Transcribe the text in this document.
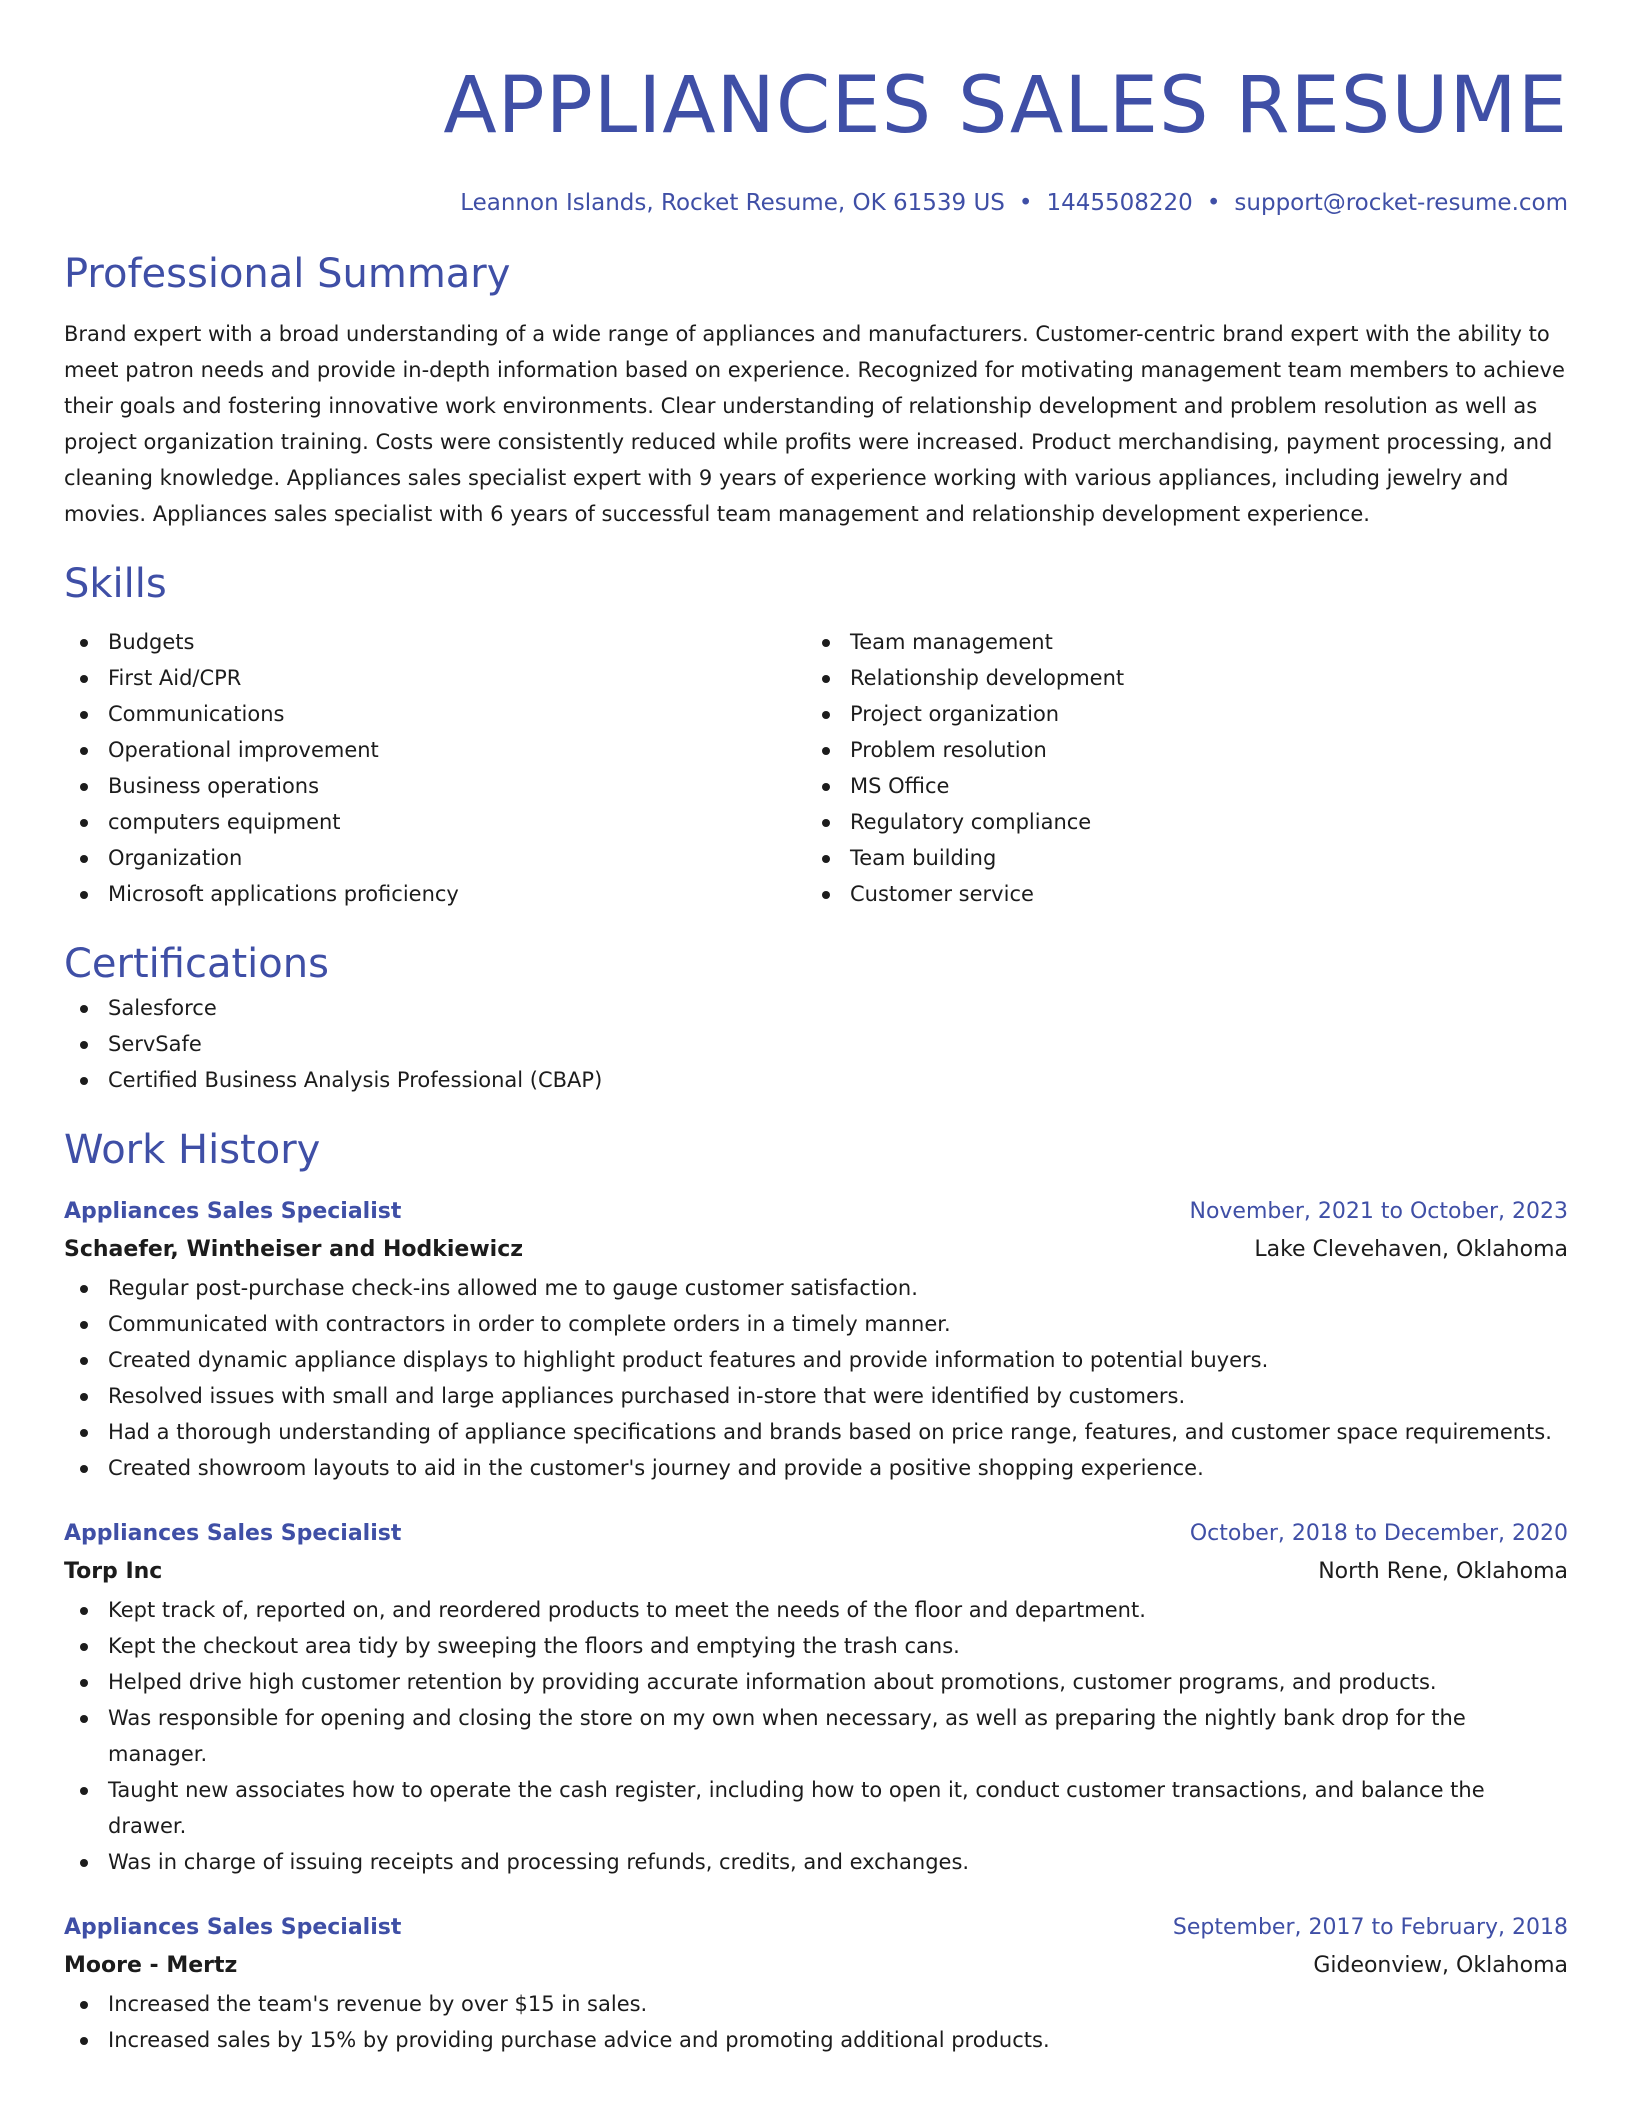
APPLIANCES SALES RESUME
Leannon Islands, Rocket Resume, OK 61539 US • 1445508220 • support@rocket-resume.com
Professional Summary

Brand expert with a broad understanding of a wide range of appliances and manufacturers. Customer-centric brand expert with the ability to meet patron needs and provide in-depth information based on experience. Recognized for motivating management team members to achieve their goals and fostering innovative work environments. Clear understanding of relationship development and problem resolution as well as project organization training. Costs were consistently reduced while profits were increased. Product merchandising, payment processing, and cleaning knowledge. Appliances sales specialist expert with 9 years of experience working with various appliances, including jewelry and movies. Appliances sales specialist with 6 years of successful team management and relationship development experience.

Skills
Budgets
First Aid/CPR
Communications
Operational improvement
Business operations
computers equipment
Organization
Microsoft applications proficiency
Team management
Relationship development
Project organization
Problem resolution
MS Office
Regulatory compliance
Team building
Customer service
Certifications
Salesforce
ServSafe
Certified Business Analysis Professional (CBAP)
Work History
Appliances Sales Specialist	November, 2021 to October, 2023
Schaefer, Wintheiser and Hodkiewicz	Lake Clevehaven, Oklahoma
Regular post-purchase check-ins allowed me to gauge customer satisfaction.
Communicated with contractors in order to complete orders in a timely manner.
Created dynamic appliance displays to highlight product features and provide information to potential buyers.
Resolved issues with small and large appliances purchased in-store that were identified by customers.
Had a thorough understanding of appliance specifications and brands based on price range, features, and customer space requirements.
Created showroom layouts to aid in the customer's journey and provide a positive shopping experience.
Appliances Sales Specialist	October, 2018 to December, 2020
Torp Inc	North Rene, Oklahoma
Kept track of, reported on, and reordered products to meet the needs of the floor and department.
Kept the checkout area tidy by sweeping the floors and emptying the trash cans.
Helped drive high customer retention by providing accurate information about promotions, customer programs, and products.
Was responsible for opening and closing the store on my own when necessary, as well as preparing the nightly bank drop for the manager.
Taught new associates how to operate the cash register, including how to open it, conduct customer transactions, and balance the drawer.
Was in charge of issuing receipts and processing refunds, credits, and exchanges.
Appliances Sales Specialist	September, 2017 to February, 2018
Moore - Mertz	Gideonview, Oklahoma
Increased the team's revenue by over $15 in sales.
Increased sales by 15% by providing purchase advice and promoting additional products.
